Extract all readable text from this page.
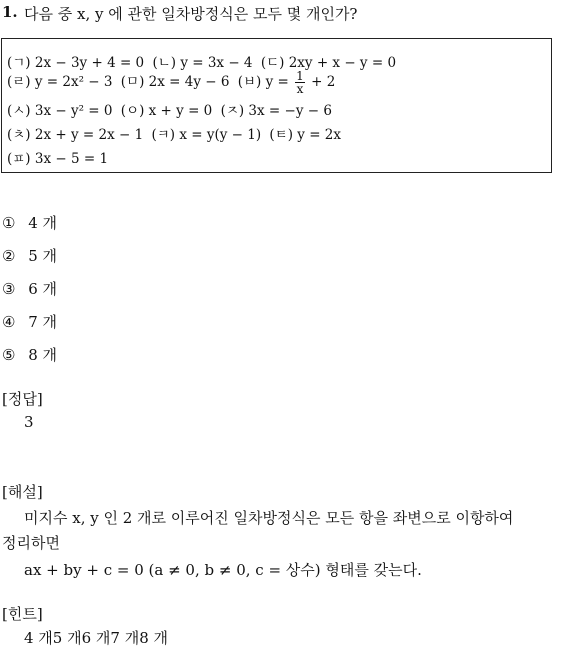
1. 다음 중 x, y 에 관한 일차방정식은 모두 몇 개인가?
(ㄱ) 2x − 3y + 4 = 0 (ㄴ) y = 3x − 4 (ㄷ) 2xy + x − y = 0
(ㄹ) y = 2x² − 3 (ㅁ) 2x = 4y − 6 (ㅂ) $y = \frac{1}{x} + 2$
(ㅅ) 3x − y² = 0 (ㅇ) x + y = 0 (ㅈ) 3x = −y − 6
(ㅊ) 2x + y = 2x − 1 (ㅋ) x = y(y − 1) (ㅌ) y = 2x
(ㅍ) 3x − 5 = 1
① 4 개
② 5 개
③ 6 개
④ 7 개
⑤ 8 개
[정답]
3
[해설]
미지수 x, y 인 2 개로 이루어진 일차방정식은 모든 항을 좌변으로 이항하여
정리하면
ax + by + c = 0 (a ≠ 0, b ≠ 0, c = 상수) 형태를 갖는다.
[힌트]
4 개5 개6 개7 개8 개
